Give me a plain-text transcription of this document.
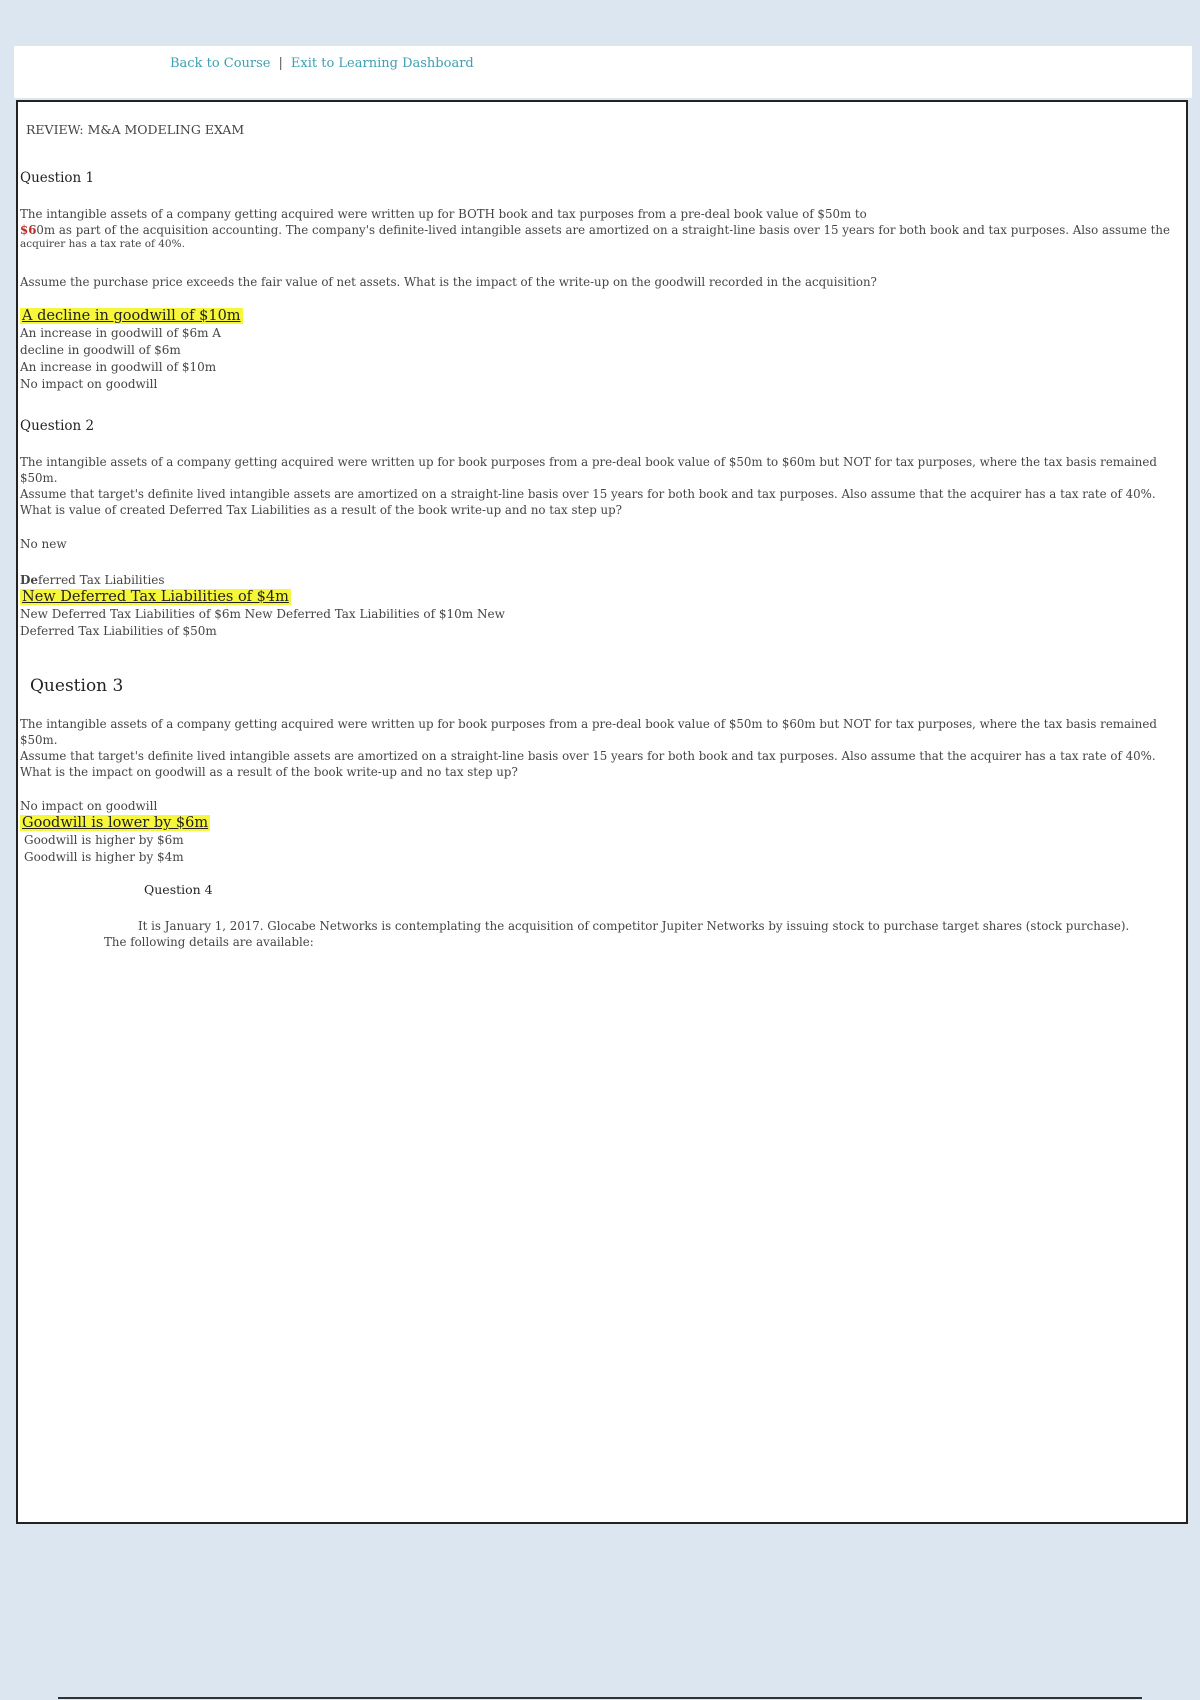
Back to Course | Exit to Learning Dashboard
REVIEW: M&A MODELING EXAM
Question 1
The intangible assets of a company getting acquired were written up for BOTH book and tax purposes from a pre-deal book value of $50m to
$60m as part of the acquisition accounting. The company's definite-lived intangible assets are amortized on a straight-line basis over 15 years for both book and tax purposes. Also assume the
acquirer has a tax rate of 40%.
Assume the purchase price exceeds the fair value of net assets. What is the impact of the write-up on the goodwill recorded in the acquisition?
A decline in goodwill of $10m
An increase in goodwill of $6m A
decline in goodwill of $6m
An increase in goodwill of $10m
No impact on goodwill
Question 2
The intangible assets of a company getting acquired were written up for book purposes from a pre-deal book value of $50m to $60m but NOT for tax purposes, where the tax basis remained $50m.
Assume that target's definite lived intangible assets are amortized on a straight-line basis over 15 years for both book and tax purposes. Also assume that the acquirer has a tax rate of 40%.
What is value of created Deferred Tax Liabilities as a result of the book write-up and no tax step up?
No new
Deferred Tax Liabilities
New Deferred Tax Liabilities of $4m
New Deferred Tax Liabilities of $6m New Deferred Tax Liabilities of $10m New
Deferred Tax Liabilities of $50m
Question 3
The intangible assets of a company getting acquired were written up for book purposes from a pre-deal book value of $50m to $60m but NOT for tax purposes, where the tax basis remained $50m.
Assume that target's definite lived intangible assets are amortized on a straight-line basis over 15 years for both book and tax purposes. Also assume that the acquirer has a tax rate of 40%.
What is the impact on goodwill as a result of the book write-up and no tax step up?
No impact on goodwill
Goodwill is lower by $6m
Goodwill is higher by $6m
Goodwill is higher by $4m
Question 4
It is January 1, 2017. Glocabe Networks is contemplating the acquisition of competitor Jupiter Networks by issuing stock to purchase target shares (stock purchase).
The following details are available:
